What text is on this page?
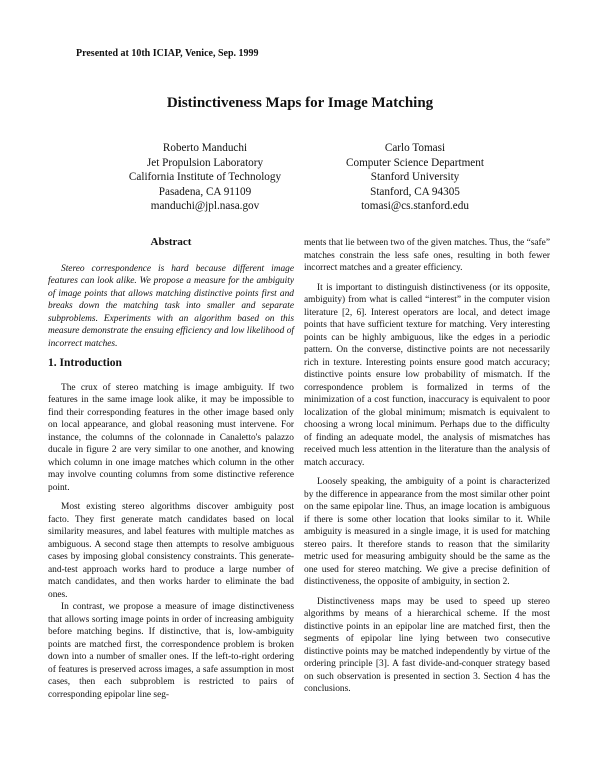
Presented at 10th ICIAP, Venice, Sep. 1999
Distinctiveness Maps for Image Matching
Roberto Manduchi
Jet Propulsion Laboratory
California Institute of Technology
Pasadena, CA 91109
manduchi@jpl.nasa.gov
Carlo Tomasi
Computer Science Department
Stanford University
Stanford, CA 94305
tomasi@cs.stanford.edu
Abstract

Stereo correspondence is hard because different image features can look alike. We propose a measure for the ambiguity of image points that allows matching distinctive points first and breaks down the matching task into smaller and separate subproblems. Experiments with an algorithm based on this measure demonstrate the ensuing efficiency and low likelihood of incorrect matches.

1. Introduction

The crux of stereo matching is image ambiguity. If two features in the same image look alike, it may be impossible to find their corresponding features in the other image based only on local appearance, and global reasoning must intervene. For instance, the columns of the colonnade in Canaletto's palazzo ducale in figure 2 are very similar to one another, and knowing which column in one image matches which column in the other may involve counting columns from some distinctive reference point.

Most existing stereo algorithms discover ambiguity post facto. They first generate match candidates based on local similarity measures, and label features with multiple matches as ambiguous. A second stage then attempts to resolve ambiguous cases by imposing global consistency constraints. This generate-and-test approach works hard to produce a large number of match candidates, and then works harder to eliminate the bad ones.

In contrast, we propose a measure of image distinctiveness that allows sorting image points in order of increasing ambiguity before matching begins. If distinctive, that is, low-ambiguity points are matched first, the correspondence problem is broken down into a number of smaller ones. If the left-to-right ordering of features is preserved across images, a safe assumption in most cases, then each subproblem is restricted to pairs of corresponding epipolar line seg-

ments that lie between two of the given matches. Thus, the “safe” matches constrain the less safe ones, resulting in both fewer incorrect matches and a greater efficiency.

It is important to distinguish distinctiveness (or its opposite, ambiguity) from what is called “interest” in the computer vision literature [2, 6]. Interest operators are local, and detect image points that have sufficient texture for matching. Very interesting points can be highly ambiguous, like the edges in a periodic pattern. On the converse, distinctive points are not necessarily rich in texture. Interesting points ensure good match accuracy; distinctive points ensure low probability of mismatch. If the correspondence problem is formalized in terms of the minimization of a cost function, inaccuracy is equivalent to poor localization of the global minimum; mismatch is equivalent to choosing a wrong local minimum. Perhaps due to the difficulty of finding an adequate model, the analysis of mismatches has received much less attention in the literature than the analysis of match accuracy.

Loosely speaking, the ambiguity of a point is characterized by the difference in appearance from the most similar other point on the same epipolar line. Thus, an image location is ambiguous if there is some other location that looks similar to it. While ambiguity is measured in a single image, it is used for matching stereo pairs. It therefore stands to reason that the similarity metric used for measuring ambiguity should be the same as the one used for stereo matching. We give a precise definition of distinctiveness, the opposite of ambiguity, in section 2.

Distinctiveness maps may be used to speed up stereo algorithms by means of a hierarchical scheme. If the most distinctive points in an epipolar line are matched first, then the segments of epipolar line lying between two consecutive distinctive points may be matched independently by virtue of the ordering principle [3]. A fast divide-and-conquer strategy based on such observation is presented in section 3. Section 4 has the conclusions.
